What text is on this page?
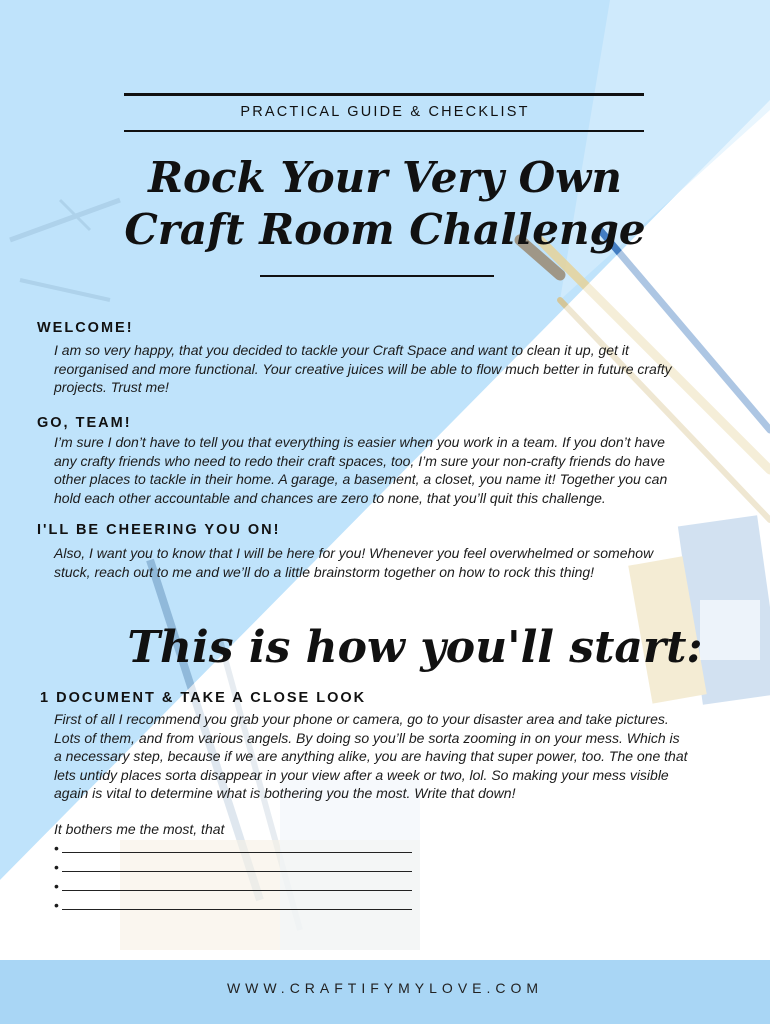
PRACTICAL GUIDE & CHECKLIST
Rock Your Very Own
Craft Room Challenge
WELCOME!
I am so very happy, that you decided to tackle your Craft Space and want to clean it up, get it
reorganised and more functional. Your creative juices will be able to flow much better in future crafty
projects. Trust me!
GO, TEAM!
I’m sure I don’t have to tell you that everything is easier when you work in a team. If you don’t have
any crafty friends who need to redo their craft spaces, too, I’m sure your non-crafty friends do have
other places to tackle in their home. A garage, a basement, a closet, you name it! Together you can
hold each other accountable and chances are zero to none, that you’ll quit this challenge.
I'LL BE CHEERING YOU ON!
Also, I want you to know that I will be here for you! Whenever you feel overwhelmed or somehow
stuck, reach out to me and we’ll do a little brainstorm together on how to rock this thing!
This is how you'll start:
1 DOCUMENT & TAKE A CLOSE LOOK
First of all I recommend you grab your phone or camera, go to your disaster area and take pictures.
Lots of them, and from various angels. By doing so you’ll be sorta zooming in on your mess. Which is
a necessary step, because if we are anything alike, you are having that super power, too. The one that
lets untidy places sorta disappear in your view after a week or two, lol. So making your mess visible
again is vital to determine what is bothering you the most. Write that down!
It bothers me the most, that
•
•
•
•
WWW.CRAFTIFYMYLOVE.COM
